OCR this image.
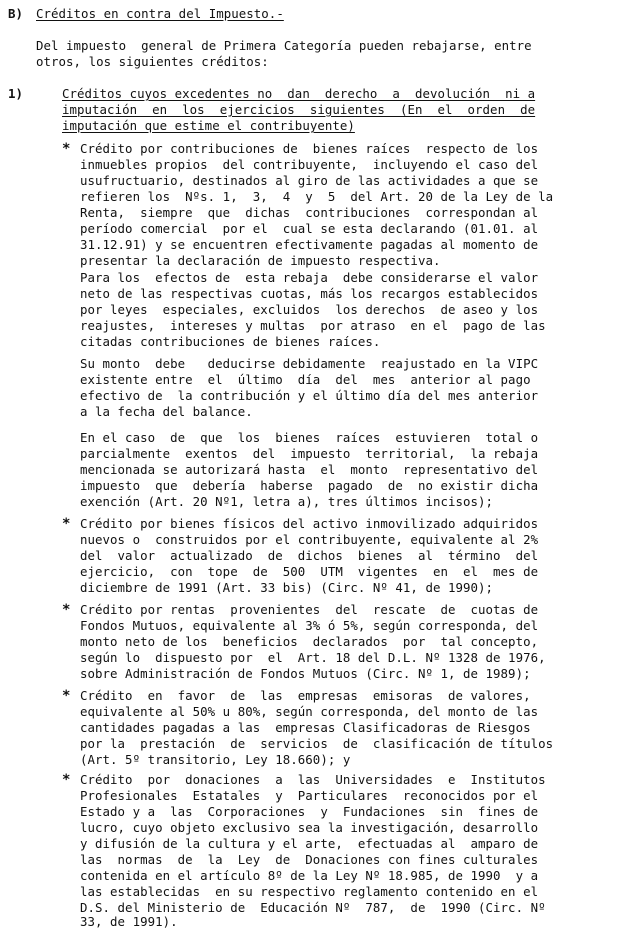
B) Créditos en contra del Impuesto.-
Del impuesto  general de Primera Categoría pueden rebajarse, entre
otros, los siguientes créditos:
1)	Créditos cuyos excedentes no  dan  derecho  a  devolución  ni a
imputación  en  los  ejercicios  siguientes  (En  el  orden  de
imputación que estime el contribuyente)
* Crédito por contribuciones de  bienes raíces  respecto de los
inmuebles propios  del contribuyente,  incluyendo el caso del
usufructuario, destinados al giro de las actividades a que se
refieren los  Nºs. 1,  3,  4  y  5  del Art. 20 de la Ley de la
Renta,  siempre  que  dichas  contribuciones  correspondan al
período comercial  por el  cual se esta declarando (01.01. al
31.12.91) y se encuentren efectivamente pagadas al momento de
presentar la declaración de impuesto respectiva.
Para los  efectos de  esta rebaja  debe considerarse el valor
neto de las respectivas cuotas, más los recargos establecidos
por leyes  especiales, excluidos  los derechos  de aseo y los
reajustes,  intereses y multas  por atraso  en el  pago de las
citadas contribuciones de bienes raíces.
Su monto  debe   deducirse debidamente  reajustado en la VIPC
existente entre  el  último  día  del  mes  anterior al pago
efectivo de  la contribución y el último día del mes anterior
a la fecha del balance.
En el caso  de  que  los  bienes  raíces  estuvieren  total o
parcialmente  exentos  del  impuesto  territorial,  la rebaja
mencionada se autorizará hasta  el  monto  representativo del
impuesto  que  debería  haberse  pagado  de  no existir dicha
exención (Art. 20 Nº1, letra a), tres últimos incisos);
* Crédito por bienes físicos del activo inmovilizado adquiridos
nuevos o  construidos por el contribuyente, equivalente al 2%
del  valor  actualizado  de  dichos  bienes  al  término  del
ejercicio,  con  tope  de  500  UTM  vigentes  en  el  mes de
diciembre de 1991 (Art. 33 bis) (Circ. Nº 41, de 1990);
* Crédito por rentas  provenientes  del  rescate  de  cuotas de
Fondos Mutuos, equivalente al 3% ó 5%, según corresponda, del
monto neto de los  beneficios  declarados  por  tal concepto,
según lo  dispuesto por  el  Art. 18 del D.L. Nº 1328 de 1976,
sobre Administración de Fondos Mutuos (Circ. Nº 1, de 1989);
* Crédito  en  favor  de  las  empresas  emisoras  de valores,
equivalente al 50% u 80%, según corresponda, del monto de las
cantidades pagadas a las  empresas Clasificadoras de Riesgos
por la  prestación  de  servicios  de  clasificación de títulos
(Art. 5º transitorio, Ley 18.660); y
* Crédito  por  donaciones  a  las  Universidades  e  Institutos
Profesionales  Estatales  y  Particulares  reconocidos por el
Estado y a  las  Corporaciones  y  Fundaciones  sin  fines de
lucro, cuyo objeto exclusivo sea la investigación, desarrollo
y difusión de la cultura y el arte,  efectuadas al  amparo de
las  normas  de  la  Ley  de  Donaciones con fines culturales
contenida en el artículo 8º de la Ley Nº 18.985, de 1990  y a
las establecidas  en su respectivo reglamento contenido en el
D.S. del Ministerio de  Educación Nº  787,  de  1990 (Circ. Nº
33, de 1991).
